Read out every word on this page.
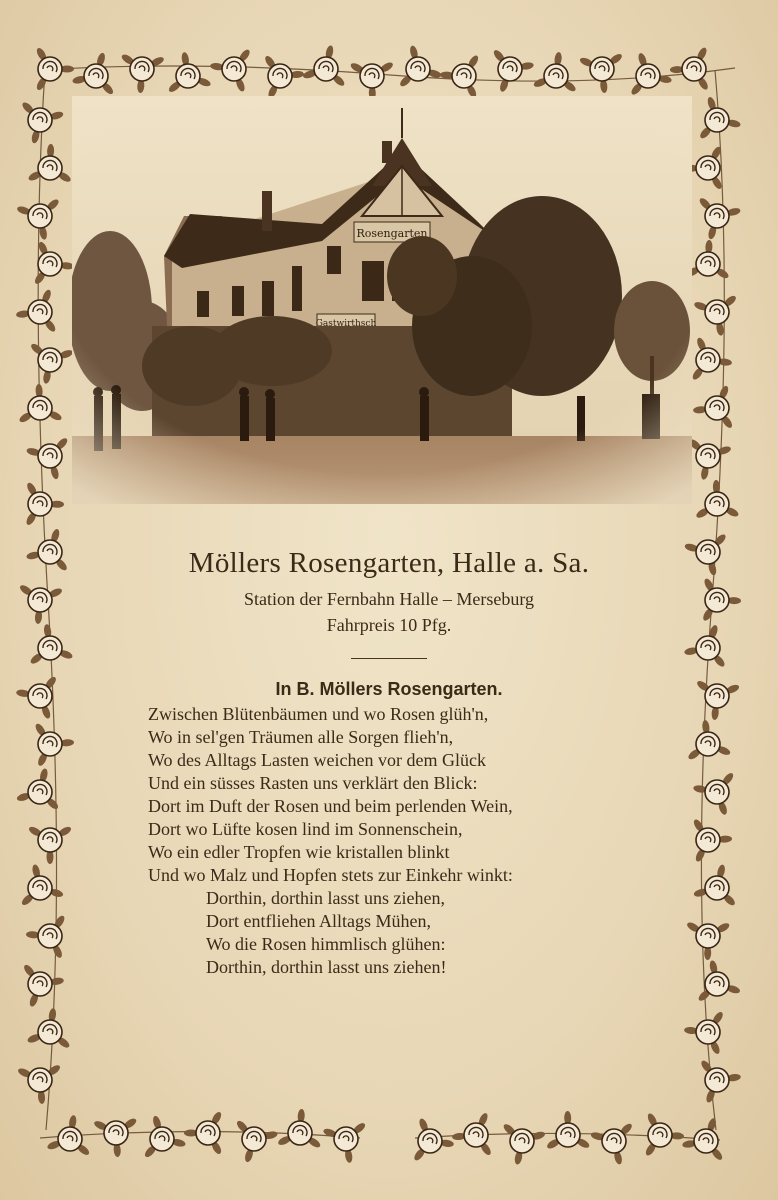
Möllers Rosengarten, Halle a. Sa.

Station der Fernbahn Halle – Merseburg

Fahrpreis 10 Pfg.

In B. Möllers Rosengarten.

Zwischen Blütenbäumen und wo Rosen glüh'n,
Wo in sel'gen Träumen alle Sorgen flieh'n,
Wo des Alltags Lasten weichen vor dem Glück
Und ein süsses Rasten uns verklärt den Blick:
Dort im Duft der Rosen und beim perlenden Wein,
Dort wo Lüfte kosen lind im Sonnenschein,
Wo ein edler Tropfen wie kristallen blinkt
Und wo Malz und Hopfen stets zur Einkehr winkt:
Dorthin, dorthin lasst uns ziehen,
Dort entfliehen Alltags Mühen,
Wo die Rosen himmlisch glühen:
Dorthin, dorthin lasst uns ziehen!
